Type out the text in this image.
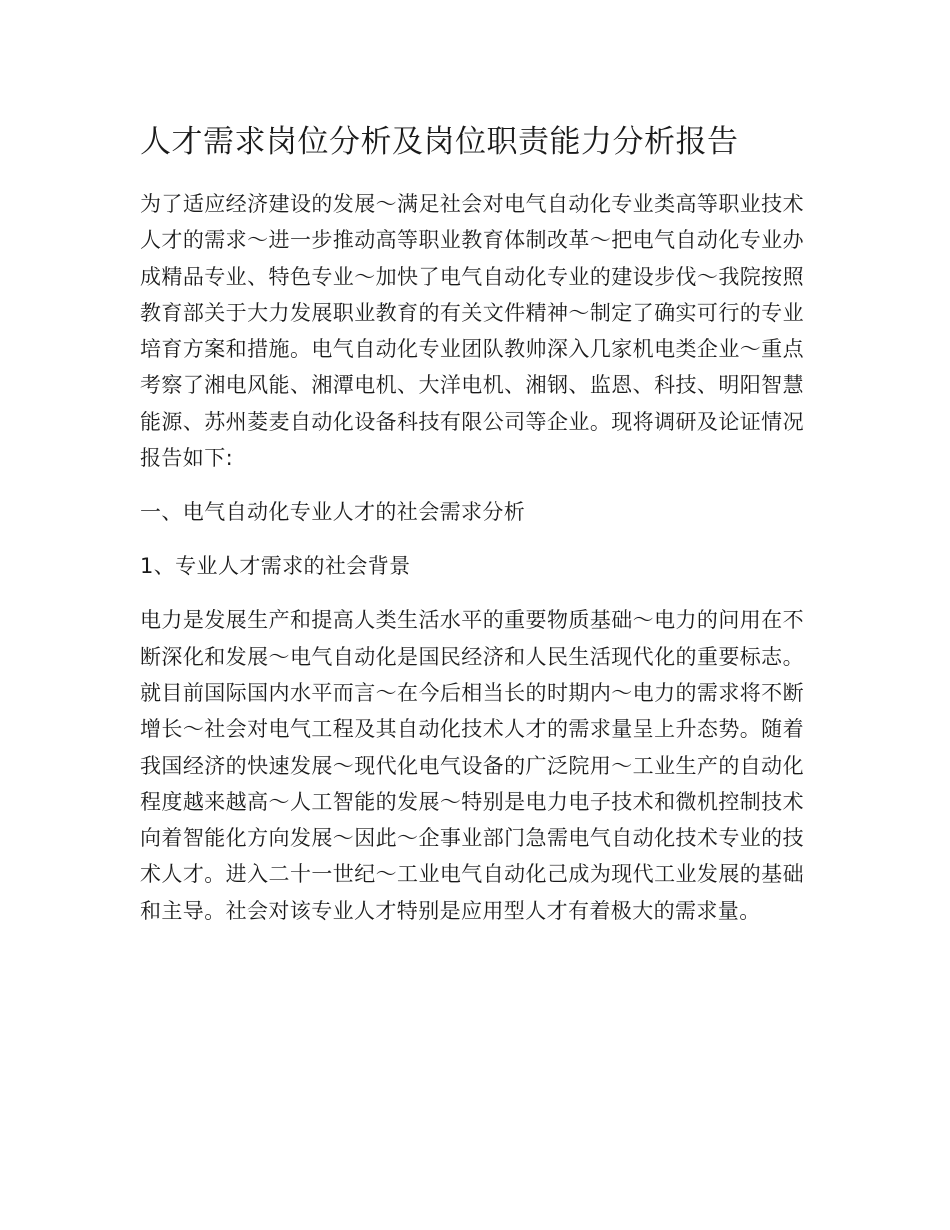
人才需求岗位分析及岗位职责能力分析报告

为了适应经济建设的发展～满足社会对电气自动化专业类高等职业技术人才的需求～进一步推动高等职业教育体制改革～把电气自动化专业办成精品专业、特色专业～加快了电气自动化专业的建设步伐～我院按照教育部关于大力发展职业教育的有关文件精神～制定了确实可行的专业培育方案和措施。电气自动化专业团队教帅深入几家机电类企业～重点考察了湘电风能、湘潭电机、大洋电机、湘钢、监恩、科技、明阳智慧能源、苏州菱麦自动化设备科技有限公司等企业。现将调研及论证情况报告如下:

一、电气自动化专业人才的社会需求分析
1、专业人才需求的社会背景

电力是发展生产和提高人类生活水平的重要物质基础～电力的问用在不断深化和发展～电气自动化是国民经济和人民生活现代化的重要标志。就目前国际国内水平而言～在今后相当长的时期内～电力的需求将不断增长～社会对电气工程及其自动化技术人才的需求量呈上升态势。随着我国经济的快速发展～现代化电气设备的广泛院用～工业生产的自动化程度越来越高～人工智能的发展～特别是电力电子技术和微机控制技术向着智能化方向发展～因此～企事业部门急需电气自动化技术专业的技术人才。进入二十一世纪～工业电气自动化己成为现代工业发展的基础和主导。社会对该专业人才特别是应用型人才有着极大的需求量。
